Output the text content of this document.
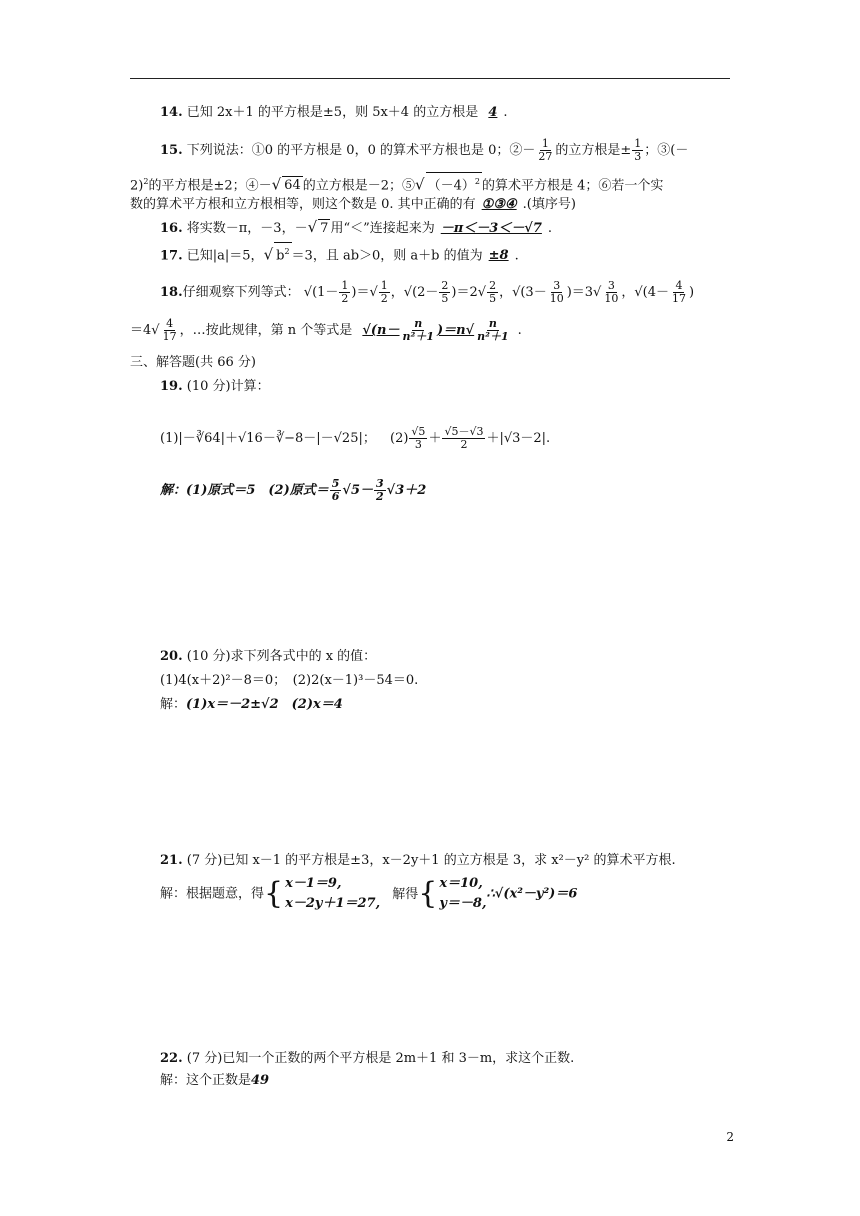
14. 已知 2x＋1 的平方根是±5，则 5x＋4 的立方根是 4 .
15. 下列说法：①0 的平方根是 0，0 的算术平方根也是 0；②－ $\frac{1}{27}$ 的立方根是± $\frac{1}{3}$ ；③(－
2)$^2$的平方根是±2；④－√ 64 的立方根是－2；⑤√ $(-4)^2$ 的算术平方根是 4；⑥若一个实
数的算术平方根和立方根相等，则这个数是 0. 其中正确的有 ①③④ .(填序号)
16. 将实数－π，－3，－√ 7 用“＜”连接起来为 －π＜－3＜－√7 .
17. 已知|a|＝5，√ $b^2 =3$，且 ab＞0，则 a＋b 的值为 ±8 .
18.仔细观察下列等式： $√(1- \frac{1}{2}$ )＝√ $\frac{1}{2}$ ，$√(2- \frac{2}{5} )=2√ \frac{2}{5}$ ，$√(3- \frac{3}{10} )=3√ \frac{3}{10}$ ，$√(4- \frac{4}{17}$ )
$=4√ \frac{4}{17}$ ，…按此规律，第 n 个等式是 $√(n- \frac{n}{\text{n²＋1}} )=n√ \frac{n}{\text{n²＋1}}$ .
三、解答题(共 66 分)
19. (10 分)计算：
(1)|－∛64|＋√16－∛−8－|－√25|； $(2) \frac{√5}{3} + \frac{√5-√3}{2} +|√3-2|$.
解：(1)原式＝5　(2)原式＝ $\frac{5}{6} √5- \frac{3}{2} √3+2$
20. (10 分)求下列各式中的 x 的值：
(1)4(x＋2)²－8＝0；　(2)2(x－1)³－54＝0.
解：(1)x＝－2±√2　(2)x＝4
21. (7 分)已知 x－1 的平方根是±3，x－2y＋1 的立方根是 3，求 x²－y² 的算术平方根.
解：根据题意，得{ x－1＝9,
x－2y＋1＝27,
解得{ x＝10,
y＝－8,
∴√(x²－y²)＝6
22. (7 分)已知一个正数的两个平方根是 2m＋1 和 3－m，求这个正数.
解：这个正数是49
2
